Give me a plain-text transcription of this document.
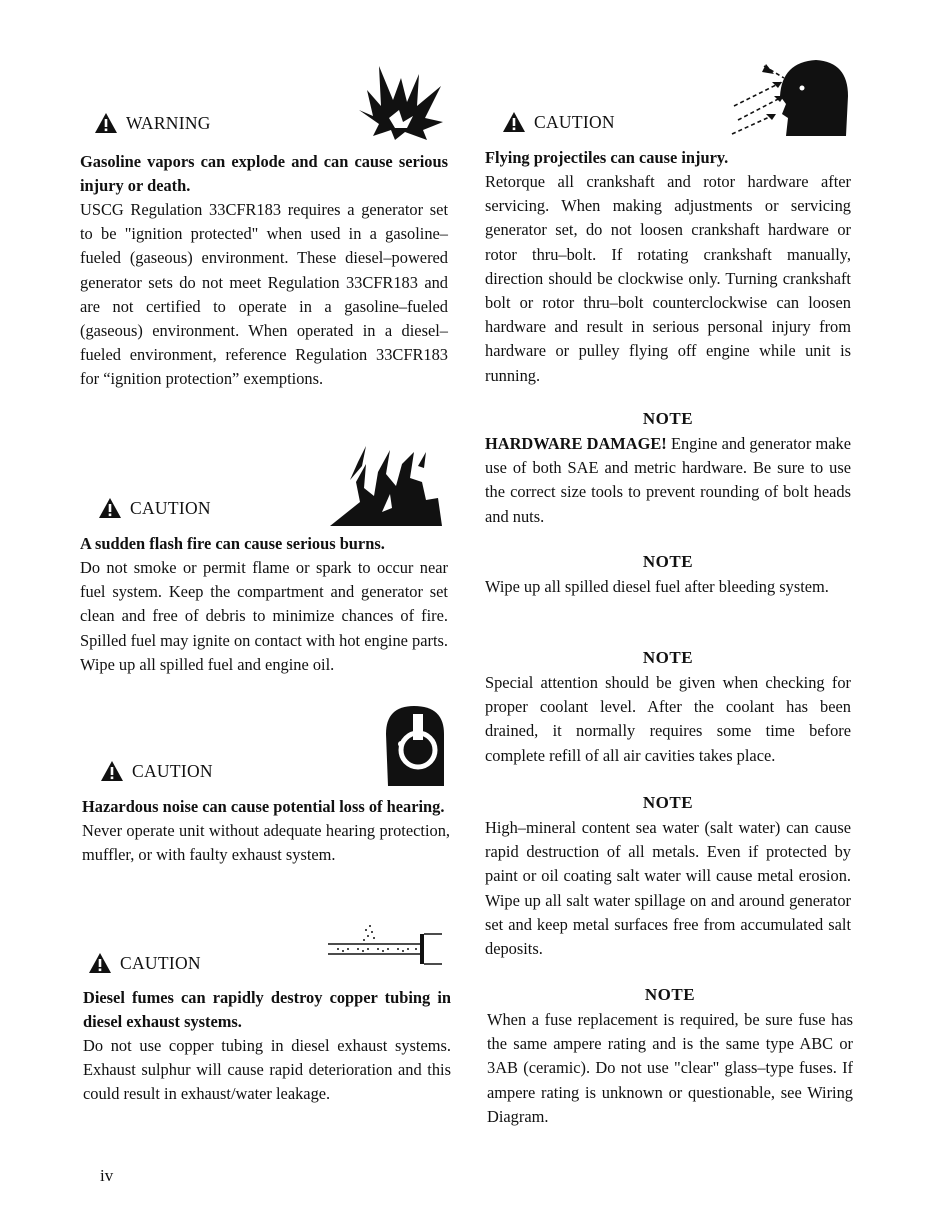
WARNING
Gasoline vapors can explode and can cause serious injury or death.
USCG Regulation 33CFR183 requires a generator set to be "ignition protected" when used in a gasoline–fueled (gaseous) environment. These diesel–powered generator sets do not meet Regulation 33CFR183 and are not certified to operate in a gasoline–fueled (gaseous) environment. When operated in a diesel–fueled environment, reference Regulation 33CFR183 for “ignition protection” exemptions.
CAUTION
A sudden flash fire can cause serious burns.
Do not smoke or permit flame or spark to occur near fuel system. Keep the compartment and generator set clean and free of debris to minimize chances of fire. Spilled fuel may ignite on contact with hot engine parts. Wipe up all spilled fuel and engine oil.
CAUTION
Hazardous noise can cause potential loss of hearing.
Never operate unit without adequate hearing protection, muffler, or with faulty exhaust system.
CAUTION
Diesel fumes can rapidly destroy copper tubing in diesel exhaust systems.
Do not use copper tubing in diesel exhaust systems. Exhaust sulphur will cause rapid deterioration and this could result in exhaust/water leakage.
CAUTION
Flying projectiles can cause injury.
Retorque all crankshaft and rotor hardware after servicing. When making adjustments or servicing generator set, do not loosen crankshaft hardware or rotor thru–bolt. If rotating crankshaft manually, direction should be clockwise only. Turning crankshaft bolt or rotor thru–bolt counterclockwise can loosen hardware and result in serious personal injury from hardware or pulley flying off engine while unit is running.
NOTE
HARDWARE DAMAGE! Engine and generator make use of both SAE and metric hardware. Be sure to use the correct size tools to prevent rounding of bolt heads and nuts.
NOTE
Wipe up all spilled diesel fuel after bleeding system.
NOTE
Special attention should be given when checking for proper coolant level. After the coolant has been drained, it normally requires some time before complete refill of all air cavities takes place.
NOTE
High–mineral content sea water (salt water) can cause rapid destruction of all metals. Even if protected by paint or oil coating salt water will cause metal erosion. Wipe up all salt water spillage on and around generator set and keep metal surfaces free from accumulated salt deposits.
NOTE
When a fuse replacement is required, be sure fuse has the same ampere rating and is the same type ABC or 3AB (ceramic). Do not use "clear" glass–type fuses. If ampere rating is unknown or questionable, see Wiring Diagram.
iv
